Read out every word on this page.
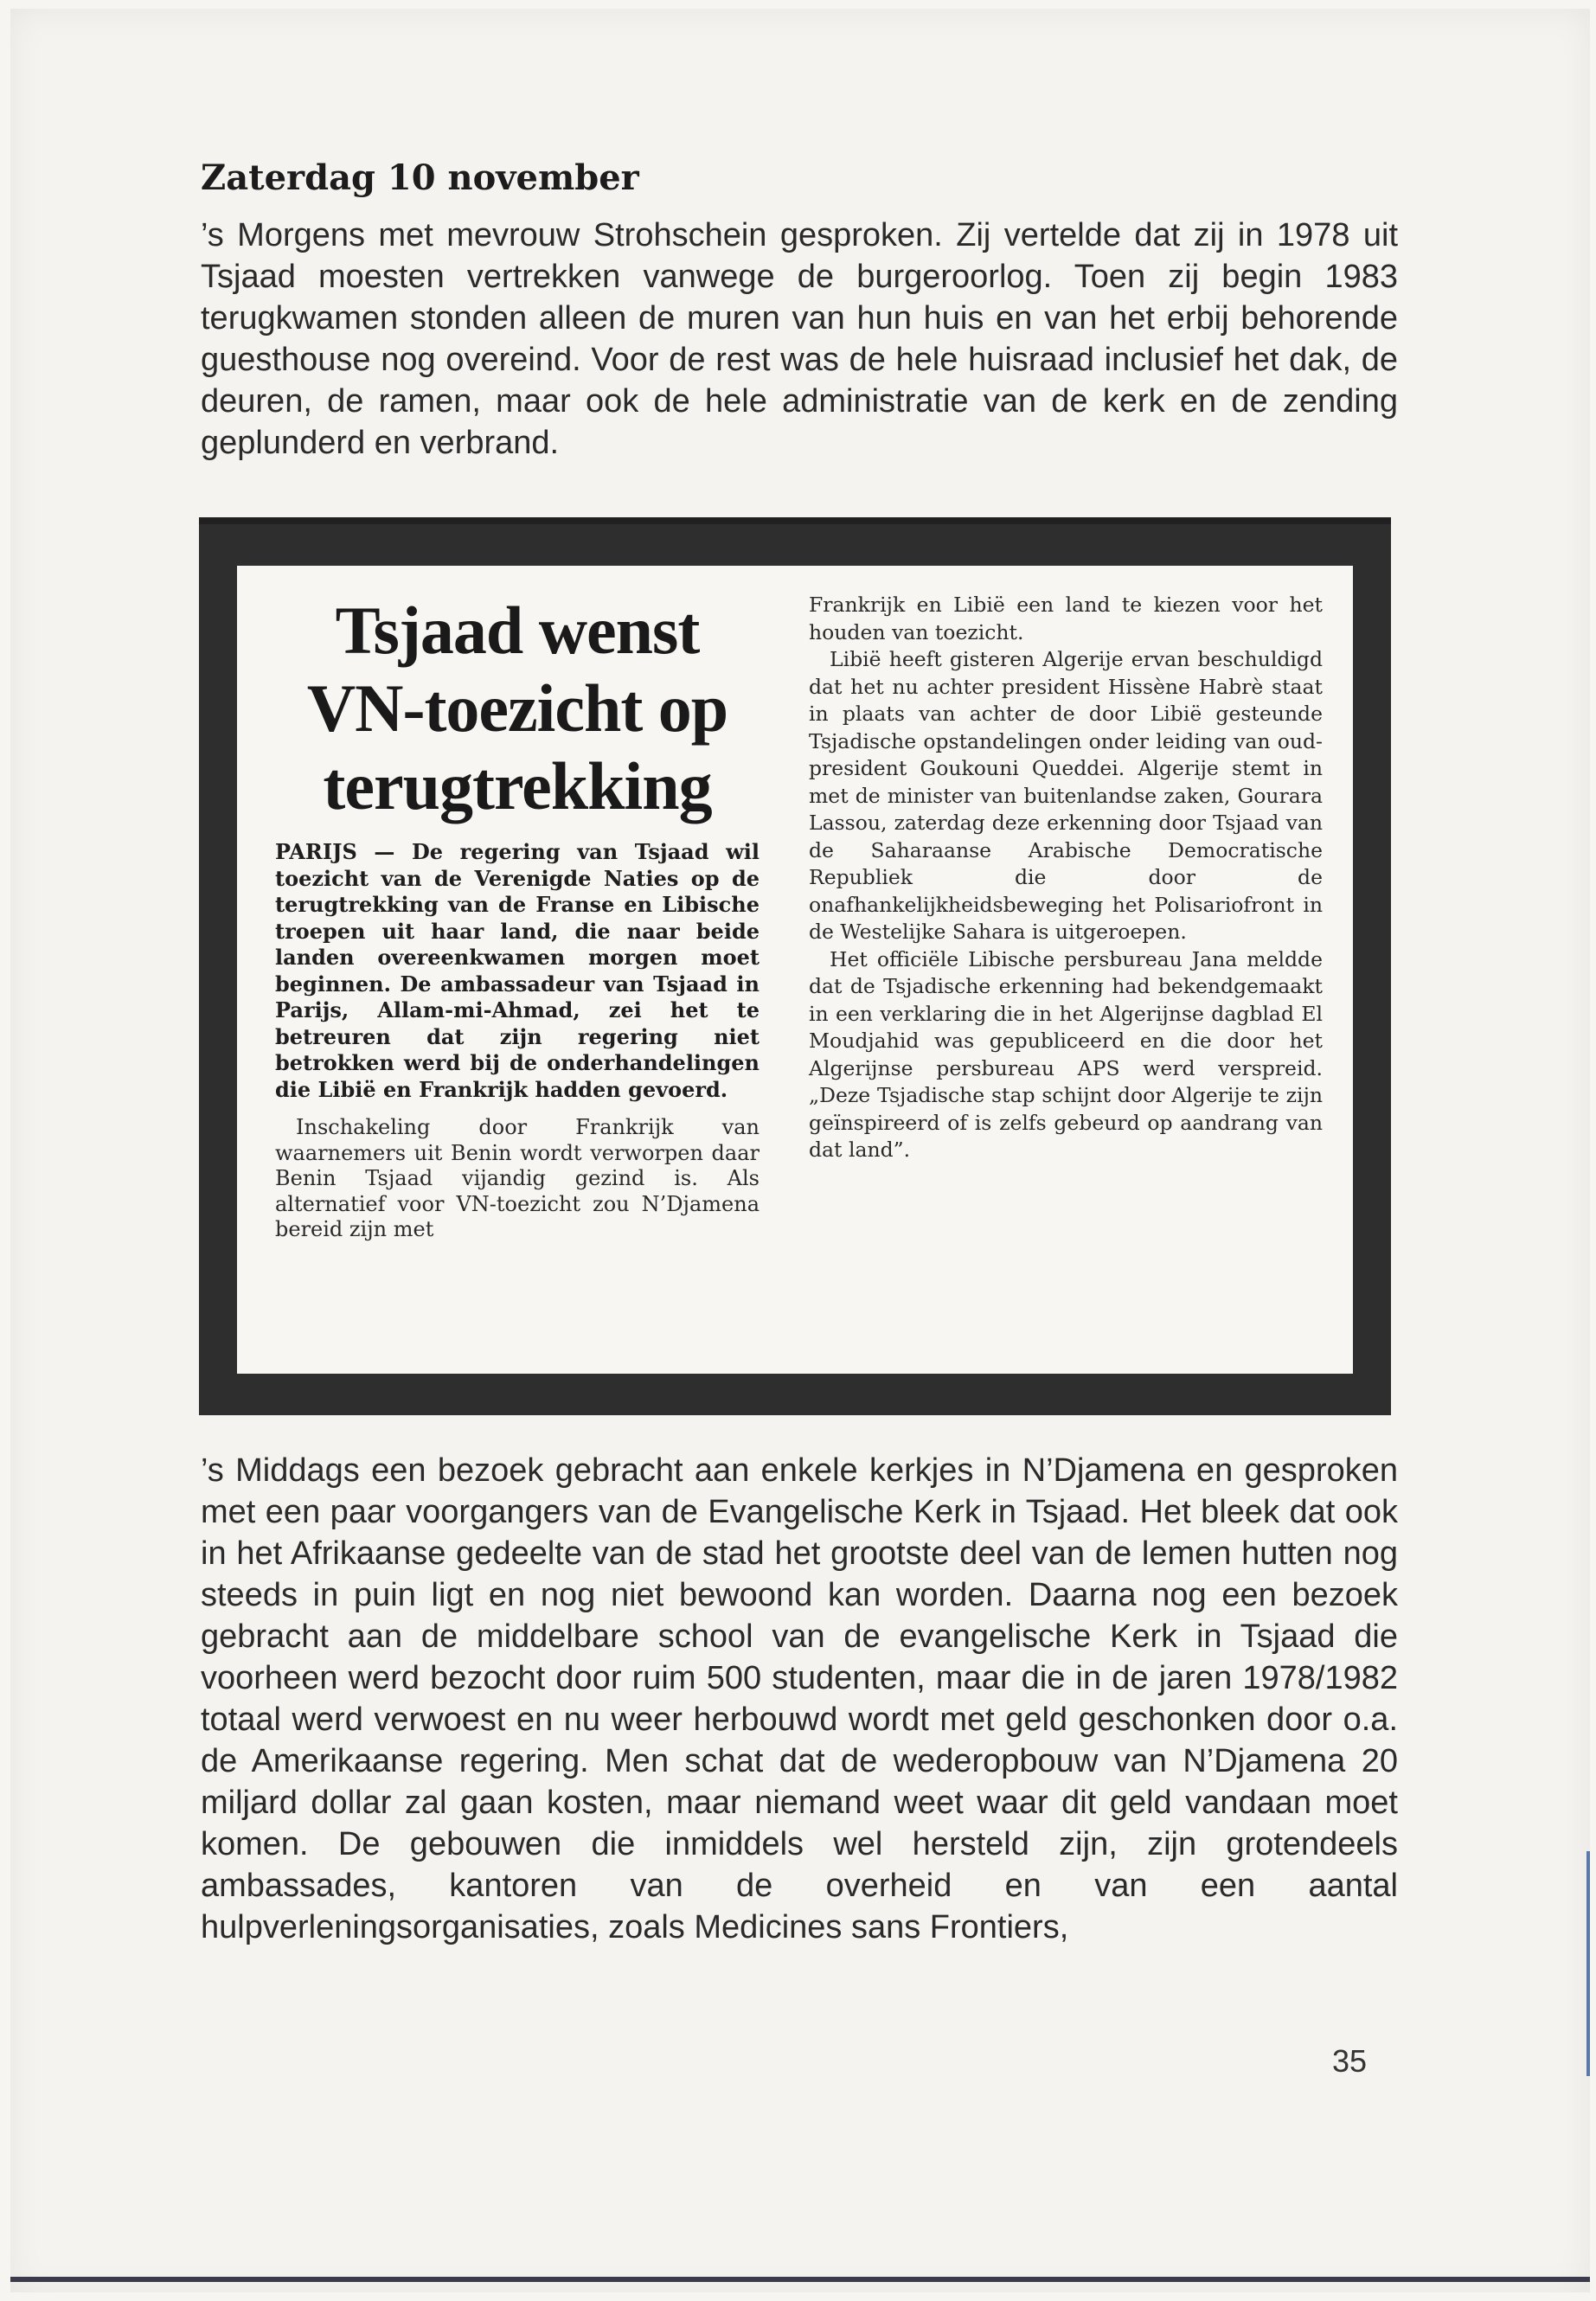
Zaterdag 10 november

’s Morgens met mevrouw Strohschein gesproken. Zij vertelde dat zij in 1978 uit Tsjaad moesten vertrekken vanwege de burgeroorlog. Toen zij begin 1983 terugkwamen stonden alleen de muren van hun huis en van het erbij behorende guesthouse nog overeind. Voor de rest was de hele huisraad inclusief het dak, de deuren, de ramen, maar ook de hele administratie van de kerk en de zending geplunderd en verbrand.

Tsjaad wenst VN-toezicht op terugtrekking

PARIJS — De regering van Tsjaad wil toezicht van de Verenigde Naties op de terugtrekking van de Franse en Libische troepen uit haar land, die naar beide landen overeenkwamen morgen moet beginnen. De ambassadeur van Tsjaad in Parijs, Allam-mi-Ahmad, zei het te betreuren dat zijn regering niet betrokken werd bij de onderhandelingen die Libië en Frankrijk hadden gevoerd.

Inschakeling door Frankrijk van waarnemers uit Benin wordt verworpen daar Benin Tsjaad vijandig gezind is. Als alternatief voor VN-toezicht zou N’Djamena bereid zijn met

Frankrijk en Libië een land te kiezen voor het houden van toezicht.

Libië heeft gisteren Algerije ervan beschuldigd dat het nu achter president Hissène Habrè staat in plaats van achter de door Libië gesteunde Tsjadische opstandelingen onder leiding van oud-president Goukouni Queddei. Algerije stemt in met de minister van buitenlandse zaken, Gourara Lassou, zaterdag deze erkenning door Tsjaad van de Saharaanse Arabische Democratische Republiek die door de onafhankelijkheidsbeweging het Polisariofront in de Westelijke Sahara is uitgeroepen.

Het officiële Libische persbureau Jana meldde dat de Tsjadische erkenning had bekendgemaakt in een verklaring die in het Algerijnse dagblad El Moudjahid was gepubliceerd en die door het Algerijnse persbureau APS werd verspreid. „Deze Tsjadische stap schijnt door Algerije te zijn geïnspireerd of is zelfs gebeurd op aandrang van dat land”.

’s Middags een bezoek gebracht aan enkele kerkjes in N’Djamena en gesproken met een paar voorgangers van de Evangelische Kerk in Tsjaad. Het bleek dat ook in het Afrikaanse gedeelte van de stad het grootste deel van de lemen hutten nog steeds in puin ligt en nog niet bewoond kan worden. Daarna nog een bezoek gebracht aan de middelbare school van de evangelische Kerk in Tsjaad die voorheen werd bezocht door ruim 500 studenten, maar die in de jaren 1978/1982 totaal werd verwoest en nu weer herbouwd wordt met geld geschonken door o.a. de Amerikaanse regering. Men schat dat de wederopbouw van N’Djamena 20 miljard dollar zal gaan kosten, maar niemand weet waar dit geld vandaan moet komen. De gebouwen die inmiddels wel hersteld zijn, zijn grotendeels ambassades, kantoren van de overheid en van een aantal hulpverleningsorganisaties, zoals Medicines sans Frontiers,

35
